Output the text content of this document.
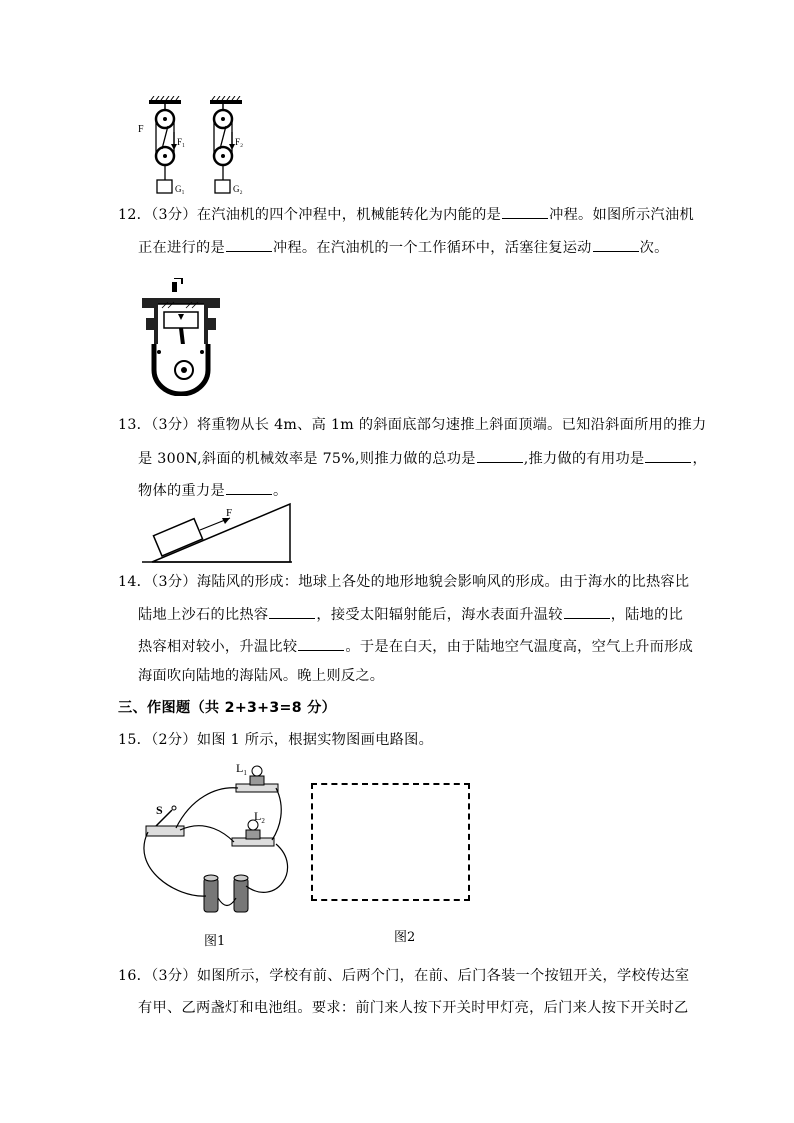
F
F₁
G₁
F₂
G₂
12．（3分）在汽油机的四个冲程中，机械能转化为内能的是	冲程。如图所示汽油机
正在进行的是	冲程。在汽油机的一个工作循环中，活塞往复运动	次。
13．（3分）将重物从长 4m、高 1m 的斜面底部匀速推上斜面顶端。已知沿斜面所用的推力
是 300N,斜面的机械效率是 75%,则推力做的总功是	,推力做的有用功是	，
物体的重力是	。
F
14．（3分）海陆风的形成：地球上各处的地形地貌会影响风的形成。由于海水的比热容比
陆地上沙石的比热容	，接受太阳辐射能后，海水表面升温较	，陆地的比
热容相对较小，升温比较	。于是在白天，由于陆地空气温度高，空气上升而形成
海面吹向陆地的海陆风。晚上则反之。
三、作图题（共 2+3+3=8 分）
15．（2分）如图 1 所示，根据实物图画电路图。
$L_1$
$L_2$
S
图1	图2
16．（3分）如图所示，学校有前、后两个门，在前、后门各装一个按钮开关，学校传达室
有甲、乙两盏灯和电池组。要求：前门来人按下开关时甲灯亮，后门来人按下开关时乙
